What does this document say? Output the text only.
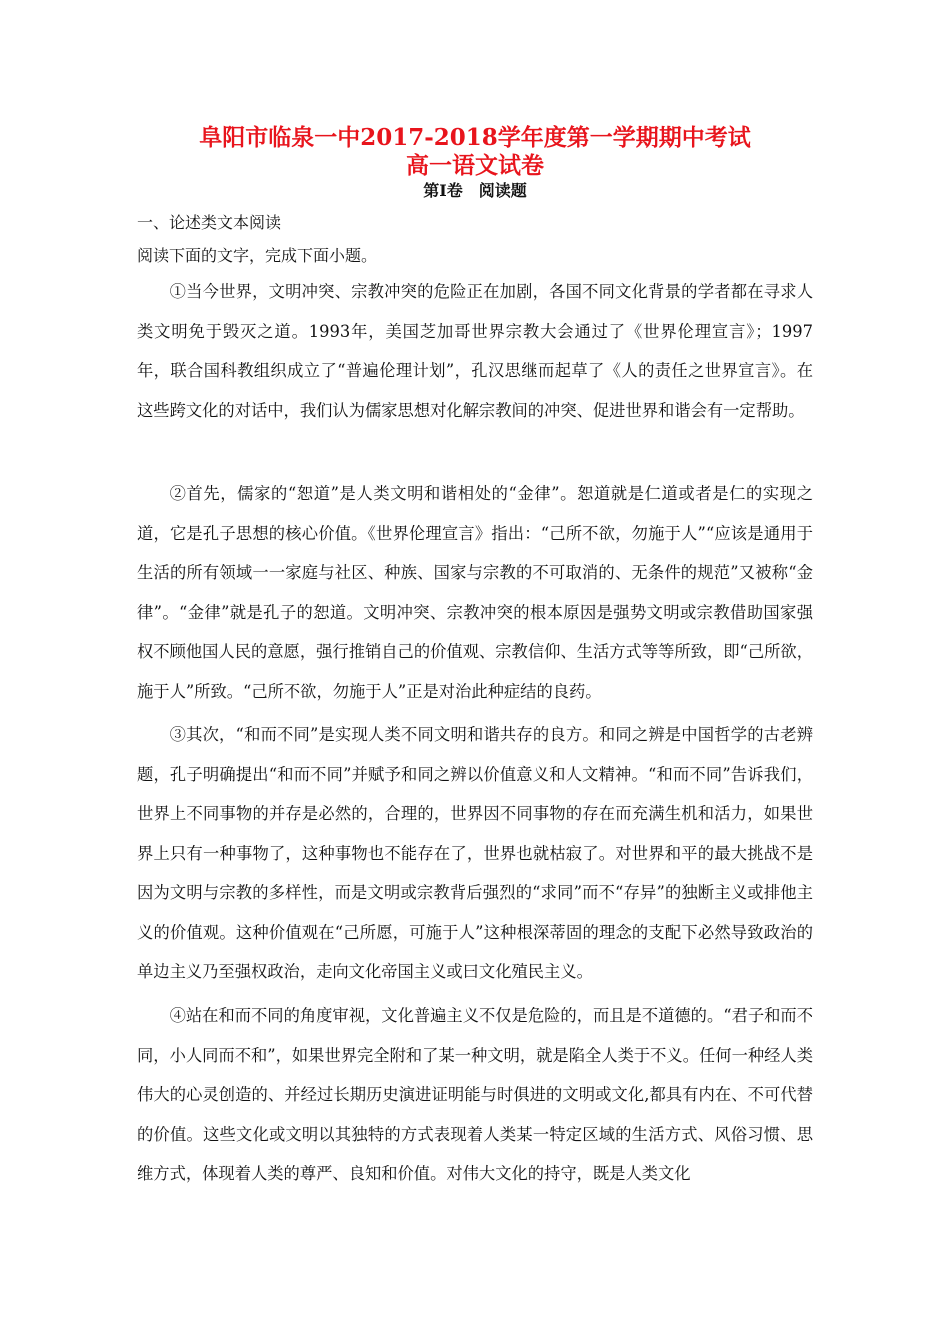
阜阳市临泉一中2017-2018学年度第一学期期中考试
高一语文试卷
第Ⅰ卷　阅读题
一、论述类文本阅读
阅读下面的文字，完成下面小题。

①当今世界，文明冲突、宗教冲突的危险正在加剧，各国不同文化背景的学者都在寻求人类文明免于毁灭之道。1993年，美国芝加哥世界宗教大会通过了《世界伦理宣言》；1997年，联合国科教组织成立了“普遍伦理计划”，孔汉思继而起草了《人的责任之世界宣言》。在这些跨文化的对话中，我们认为儒家思想对化解宗教间的冲突、促进世界和谐会有一定帮助。

②首先，儒家的“恕道”是人类文明和谐相处的“金律”。恕道就是仁道或者是仁的实现之道，它是孔子思想的核心价值。《世界伦理宣言》指出：“己所不欲，勿施于人”“应该是通用于生活的所有领域一一家庭与社区、种族、国家与宗教的不可取消的、无条件的规范”又被称“金律”。“金律”就是孔子的恕道。文明冲突、宗教冲突的根本原因是强势文明或宗教借助国家强权不顾他国人民的意愿，强行推销自己的价值观、宗教信仰、生活方式等等所致，即“己所欲，施于人”所致。“己所不欲，勿施于人”正是对治此种症结的良药。

③其次，“和而不同”是实现人类不同文明和谐共存的良方。和同之辨是中国哲学的古老辨题，孔子明确提出“和而不同”并赋予和同之辨以价值意义和人文精神。“和而不同”告诉我们，世界上不同事物的并存是必然的，合理的，世界因不同事物的存在而充满生机和活力，如果世界上只有一种事物了，这种事物也不能存在了，世界也就枯寂了。对世界和平的最大挑战不是因为文明与宗教的多样性，而是文明或宗教背后强烈的“求同”而不“存异”的独断主义或排他主义的价值观。这种价值观在“己所愿，可施于人”这种根深蒂固的理念的支配下必然导致政治的单边主义乃至强权政治，走向文化帝国主义或曰文化殖民主义。

④站在和而不同的角度审视，文化普遍主义不仅是危险的，而且是不道德的。“君子和而不同，小人同而不和”，如果世界完全附和了某一种文明，就是陷全人类于不义。任何一种经人类伟大的心灵创造的、并经过长期历史演进证明能与时俱进的文明或文化,都具有内在、不可代替的价值。这些文化或文明以其独特的方式表现着人类某一特定区域的生活方式、风俗习惯、思维方式，体现着人类的尊严、良知和价值。对伟大文化的持守，既是人类文化
